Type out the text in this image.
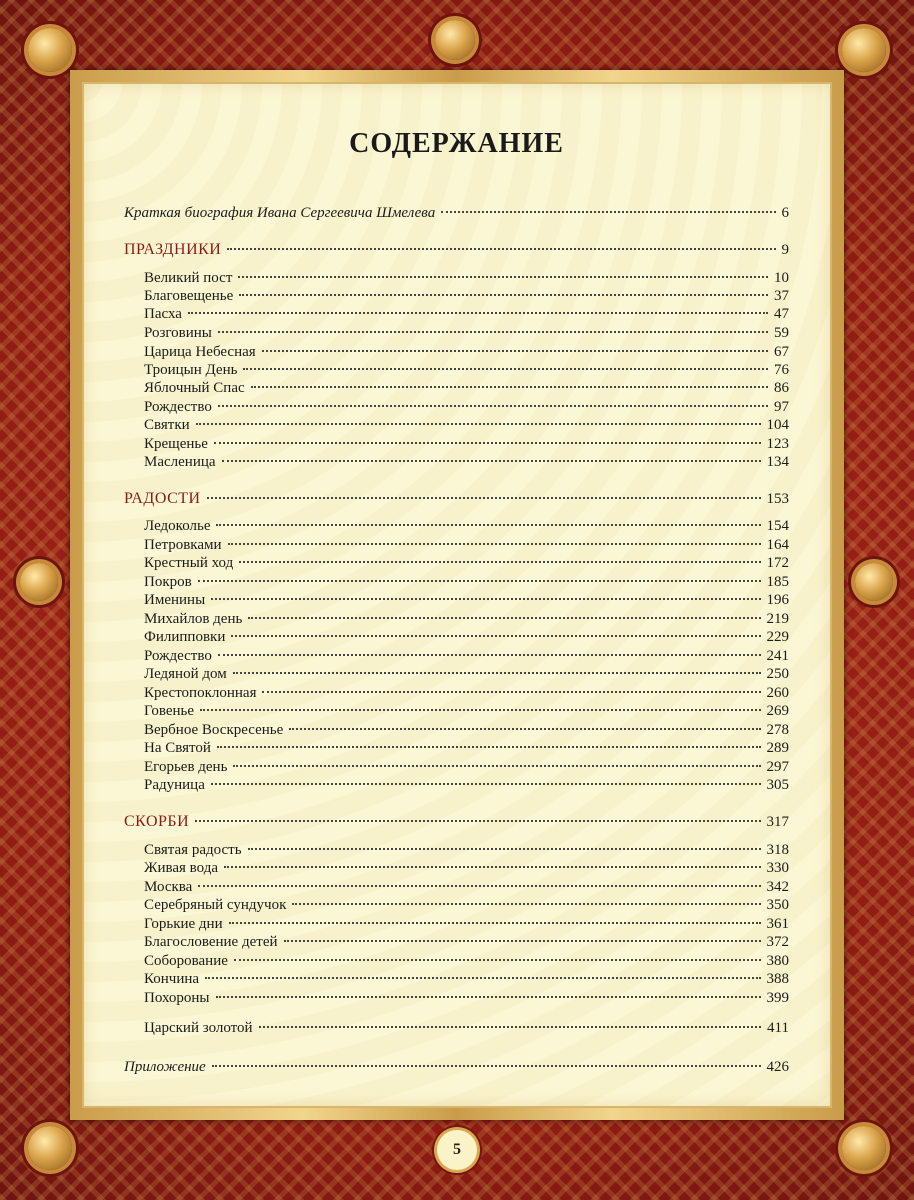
СОДЕРЖАНИЕ
Краткая биография Ивана Сергеевича Шмелева	6
ПРАЗДНИКИ	9
Великий пост	10
Благовещенье	37
Пасха	47
Розговины	59
Царица Небесная	67
Троицын День	76
Яблочный Спас	86
Рождество	97
Святки	104
Крещенье	123
Масленица	134
РАДОСТИ	153
Ледоколье	154
Петровками	164
Крестный ход	172
Покров	185
Именины	196
Михайлов день	219
Филипповки	229
Рождество	241
Ледяной дом	250
Крестопоклонная	260
Говенье	269
Вербное Воскресенье	278
На Святой	289
Егорьев день	297
Радуница	305
СКОРБИ	317
Святая радость	318
Живая вода	330
Москва	342
Серебряный сундучок	350
Горькие дни	361
Благословение детей	372
Соборование	380
Кончина	388
Похороны	399
Царский золотой	411
Приложение	426
5
